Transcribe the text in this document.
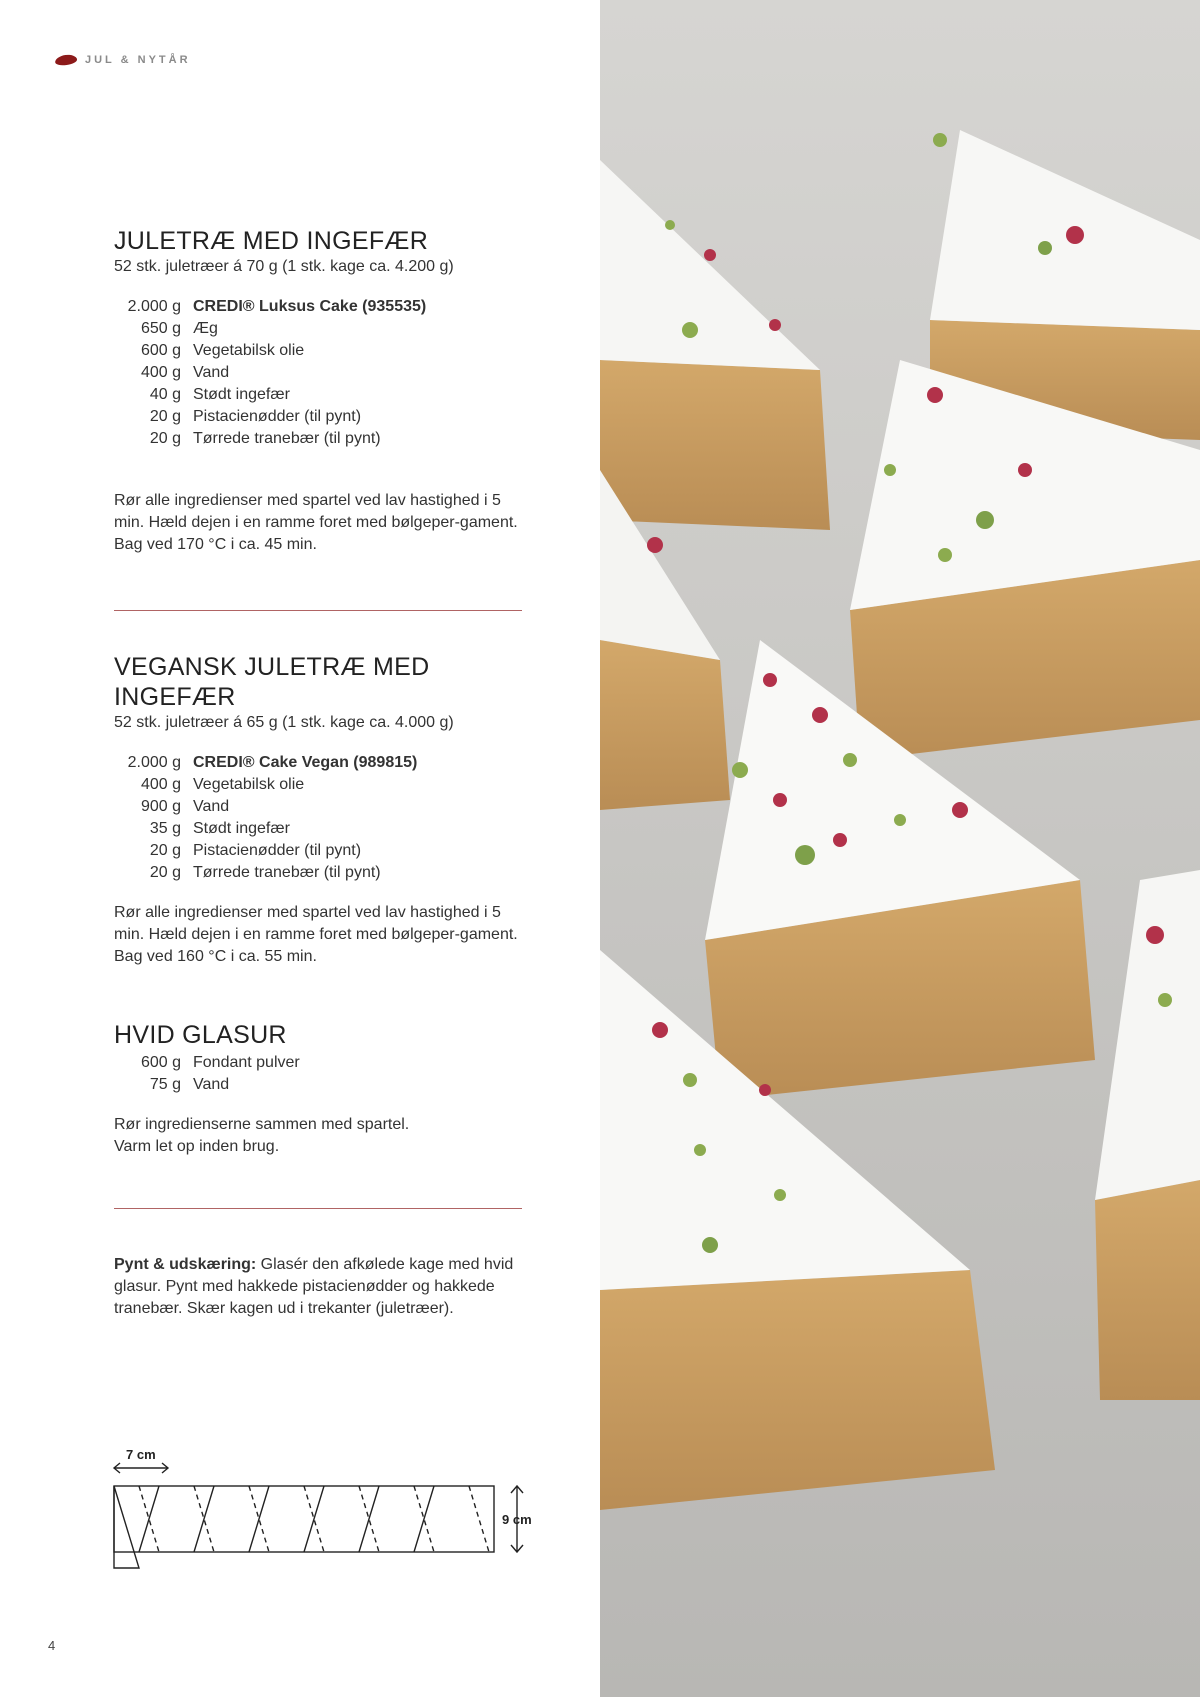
JUL & NYTÅR
JULETRÆ MED INGEFÆR

52 stk. juletræer á 70 g (1 stk. kage ca. 4.200 g)

2.000 g CREDI® Luksus Cake (935535)
650 g Æg
600 g Vegetabilsk olie
400 g Vand
40 g Stødt ingefær
20 g Pistacienødder (til pynt)
20 g Tørrede tranebær (til pynt)

Rør alle ingredienser med spartel ved lav hastighed i 5 min. Hæld dejen i en ramme foret med bølgeper-gament. Bag ved 170 °C i ca. 45 min.

VEGANSK JULETRÆ MED INGEFÆR

52 stk. juletræer á 65 g (1 stk. kage ca. 4.000 g)

2.000 g CREDI® Cake Vegan (989815)
400 g Vegetabilsk olie
900 g Vand
35 g Stødt ingefær
20 g Pistacienødder (til pynt)
20 g Tørrede tranebær (til pynt)

Rør alle ingredienser med spartel ved lav hastighed i 5 min. Hæld dejen i en ramme foret med bølgeper-gament. Bag ved 160 °C i ca. 55 min.

HVID GLASUR
600 g Fondant pulver
75 g Vand

Rør ingredienserne sammen med spartel.

Varm let op inden brug.

Pynt & udskæring: Glasér den afkølede kage med hvid glasur. Pynt med hakkede pistacienødder og hakkede tranebær. Skær kagen ud i trekanter (juletræer).

7 cm
9 cm
4
